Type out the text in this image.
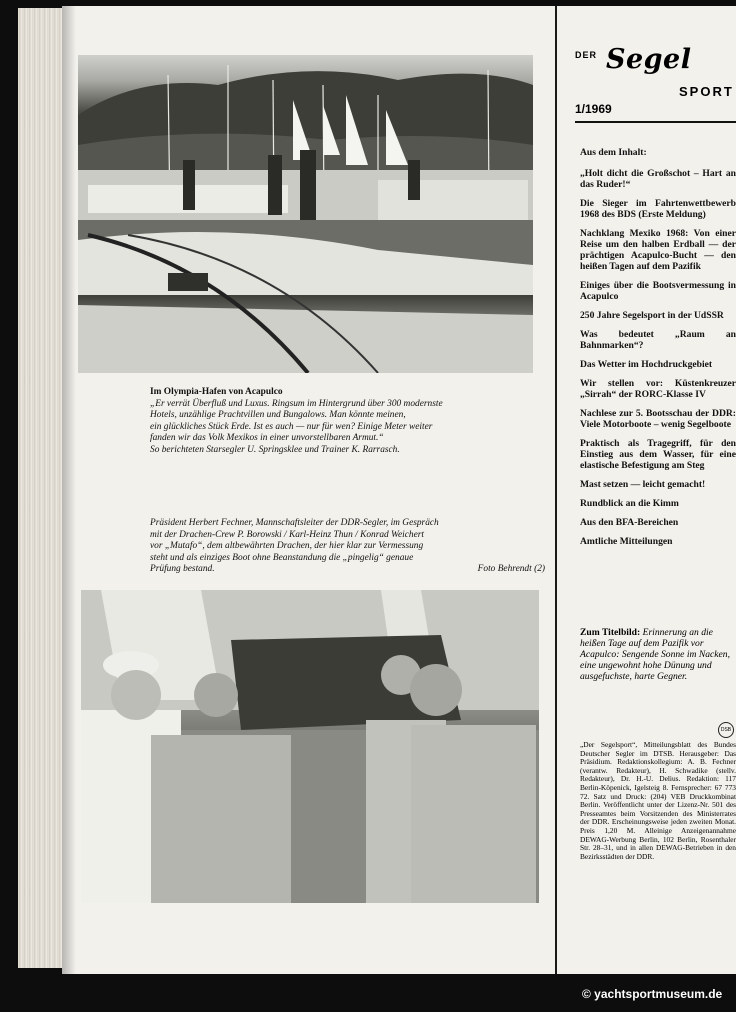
Im Olympia-Hafen von Acapulco
„Er verrät Überfluß und Luxus. Ringsum im Hintergrund über 300 modernste
Hotels, unzählige Prachtvillen und Bungalows. Man könnte meinen,
ein glückliches Stück Erde. Ist es auch — nur für wen? Einige Meter weiter
fanden wir das Volk Mexikos in einer unvorstellbaren Armut.“
So berichteten Starsegler U. Springsklee und Trainer K. Rarrasch.
Präsident Herbert Fechner, Mannschaftsleiter der DDR-Segler, im Gespräch
mit der Drachen-Crew P. Borowski / Karl-Heinz Thun / Konrad Weichert
vor „Mutafo“, dem altbewährten Drachen, der hier klar zur Vermessung
steht und als einziges Boot ohne Beanstandung die „pingelig“ genaue
Prüfung bestand.	Foto Behrendt (2)
DER Segel
SPORT
1/1969
Aus dem Inhalt:
„Holt dicht die Großschot – Hart an das Ruder!“
Die Sieger im Fahrtenwettbewerb 1968 des BDS (Erste Meldung)
Nachklang Mexiko 1968: Von einer Reise um den halben Erdball — der prächtigen Acapulco-Bucht — den heißen Tagen auf dem Pazifik
Einiges über die Bootsvermessung in Acapulco
250 Jahre Segelsport in der UdSSR
Was bedeutet „Raum an Bahnmarken“?
Das Wetter im Hochdruckgebiet
Wir stellen vor: Küstenkreuzer „Sirrah“ der RORC-Klasse IV
Nachlese zur 5. Bootsschau der DDR: Viele Motorboote – wenig Segelboote
Praktisch als Tragegriff, für den Einstieg aus dem Wasser, für eine elastische Befestigung am Steg
Mast setzen — leicht gemacht!
Rundblick an die Kimm
Aus den BFA-Bereichen
Amtliche Mitteilungen
Zum Titelbild: Erinnerung an die heißen Tage auf dem Pazifik vor Acapulco: Sengende Sonne im Nacken, eine ungewohnt hohe Dünung und ausgefuchste, harte Gegner.
DSB
„Der Segelsport“, Mitteilungsblatt des Bundes Deutscher Segler im DTSB. Herausgeber: Das Präsidium. Redaktionskollegium: A. B. Fechner (verantw. Redakteur), H. Schwadike (stellv. Redakteur), Dr. H.-U. Delius. Redaktion: 117 Berlin-Köpenick, Igelsteig 8. Fernsprecher: 67 773 72. Satz und Druck: (204) VEB Druckkombinat Berlin. Veröffentlicht unter der Lizenz-Nr. 501 des Presseamtes beim Vorsitzenden des Ministerrates der DDR. Erscheinungsweise jeden zweiten Monat. Preis 1,20 M. Alleinige Anzeigenannahme DEWAG-Werbung Berlin, 102 Berlin, Rosenthaler Str. 28–31, und in allen DEWAG-Betrieben in den Bezirksstädten der DDR.
© yachtsportmuseum.de
